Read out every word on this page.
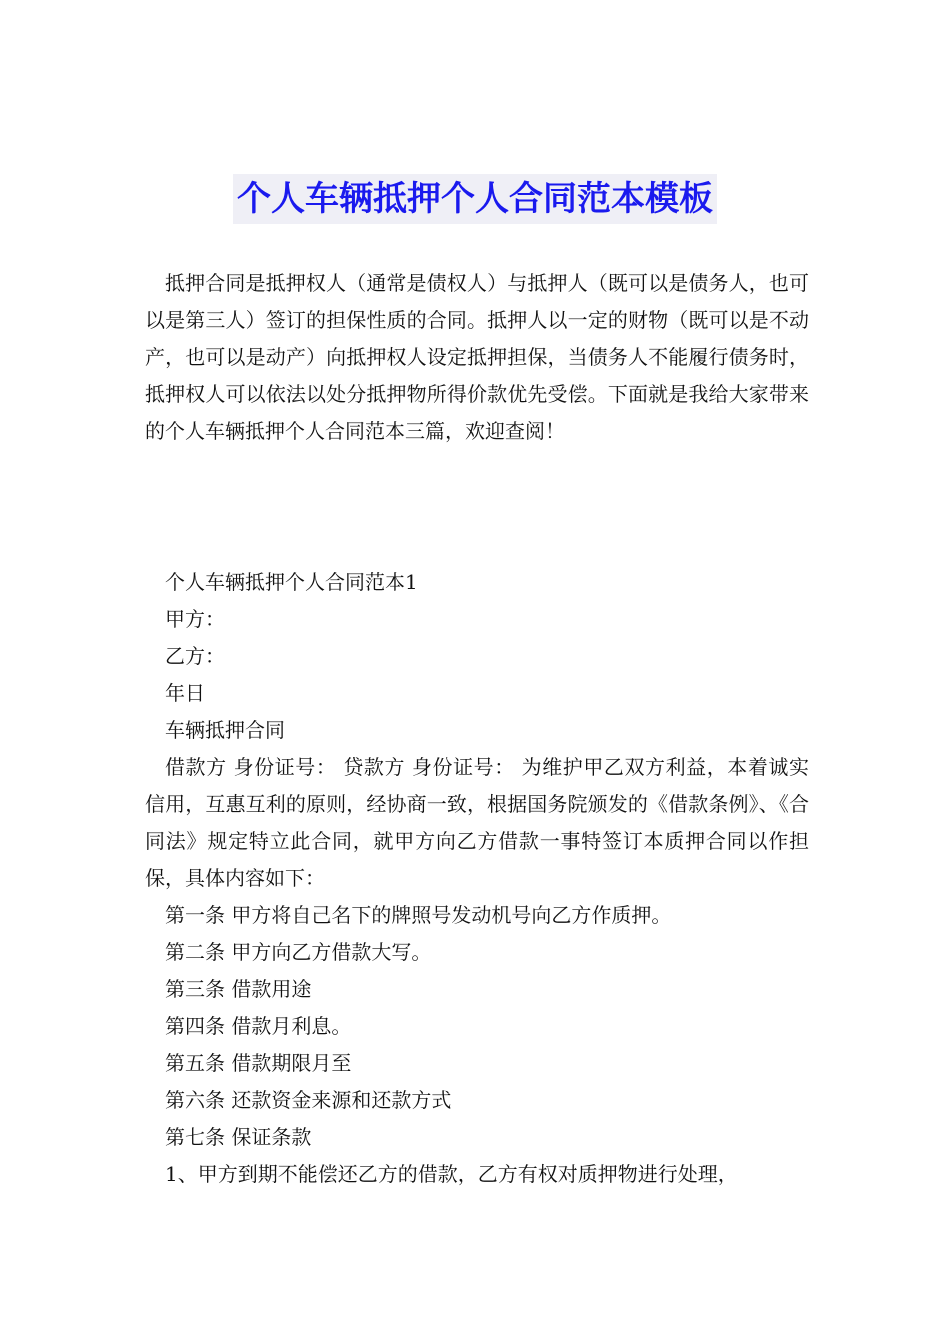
个人车辆抵押个人合同范本模板

抵押合同是抵押权人（通常是债权人）与抵押人（既可以是债务人，也可以是第三人）签订的担保性质的合同。抵押人以一定的财物（既可以是不动产，也可以是动产）向抵押权人设定抵押担保，当债务人不能履行债务时，抵押权人可以依法以处分抵押物所得价款优先受偿。下面就是我给大家带来的个人车辆抵押个人合同范本三篇，欢迎查阅！

个人车辆抵押个人合同范本1

甲方：

乙方：

年日

车辆抵押合同

借款方 身份证号： 贷款方 身份证号： 为维护甲乙双方利益，本着诚实信用，互惠互利的原则，经协商一致，根据国务院颁发的《借款条例》、《合同法》规定特立此合同，就甲方向乙方借款一事特签订本质押合同以作担保，具体内容如下：

第一条 甲方将自己名下的牌照号发动机号向乙方作质押。

第二条 甲方向乙方借款大写。

第三条 借款用途

第四条 借款月利息。

第五条 借款期限月至

第六条 还款资金来源和还款方式

第七条 保证条款

1、甲方到期不能偿还乙方的借款，乙方有权对质押物进行处理，
